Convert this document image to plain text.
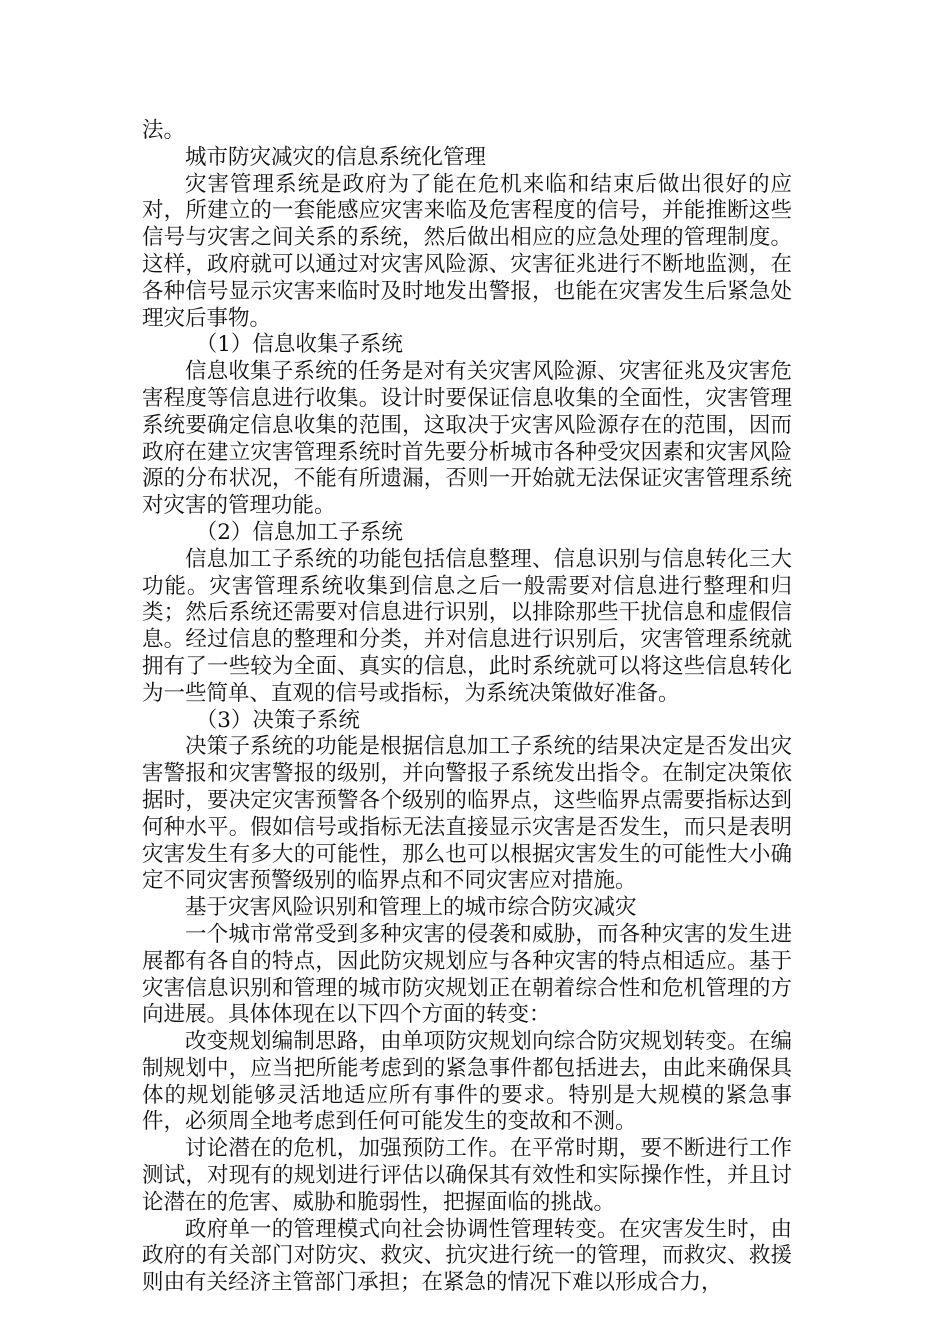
法。

城市防灾减灾的信息系统化管理

灾害管理系统是政府为了能在危机来临和结束后做出很好的应对，所建立的一套能感应灾害来临及危害程度的信号，并能推断这些信号与灾害之间关系的系统，然后做出相应的应急处理的管理制度。这样，政府就可以通过对灾害风险源、灾害征兆进行不断地监测，在各种信号显示灾害来临时及时地发出警报，也能在灾害发生后紧急处理灾后事物。

（1）信息收集子系统

信息收集子系统的任务是对有关灾害风险源、灾害征兆及灾害危害程度等信息进行收集。设计时要保证信息收集的全面性，灾害管理系统要确定信息收集的范围，这取决于灾害风险源存在的范围，因而政府在建立灾害管理系统时首先要分析城市各种受灾因素和灾害风险源的分布状况，不能有所遗漏，否则一开始就无法保证灾害管理系统对灾害的管理功能。

（2）信息加工子系统

信息加工子系统的功能包括信息整理、信息识别与信息转化三大功能。灾害管理系统收集到信息之后一般需要对信息进行整理和归类；然后系统还需要对信息进行识别，以排除那些干扰信息和虚假信息。经过信息的整理和分类，并对信息进行识别后，灾害管理系统就拥有了一些较为全面、真实的信息，此时系统就可以将这些信息转化为一些简单、直观的信号或指标，为系统决策做好准备。

（3）决策子系统

决策子系统的功能是根据信息加工子系统的结果决定是否发出灾害警报和灾害警报的级别，并向警报子系统发出指令。在制定决策依据时，要决定灾害预警各个级别的临界点，这些临界点需要指标达到何种水平。假如信号或指标无法直接显示灾害是否发生，而只是表明灾害发生有多大的可能性，那么也可以根据灾害发生的可能性大小确定不同灾害预警级别的临界点和不同灾害应对措施。

基于灾害风险识别和管理上的城市综合防灾减灾

一个城市常常受到多种灾害的侵袭和威胁，而各种灾害的发生进展都有各自的特点，因此防灾规划应与各种灾害的特点相适应。基于灾害信息识别和管理的城市防灾规划正在朝着综合性和危机管理的方向进展。具体体现在以下四个方面的转变：

改变规划编制思路，由单项防灾规划向综合防灾规划转变。在编制规划中，应当把所能考虑到的紧急事件都包括进去，由此来确保具体的规划能够灵活地适应所有事件的要求。特别是大规模的紧急事件，必须周全地考虑到任何可能发生的变故和不测。

讨论潜在的危机，加强预防工作。在平常时期，要不断进行工作测试，对现有的规划进行评估以确保其有效性和实际操作性，并且讨论潜在的危害、威胁和脆弱性，把握面临的挑战。

政府单一的管理模式向社会协调性管理转变。在灾害发生时，由政府的有关部门对防灾、救灾、抗灾进行统一的管理，而救灾、救援则由有关经济主管部门承担；在紧急的情况下难以形成合力，
